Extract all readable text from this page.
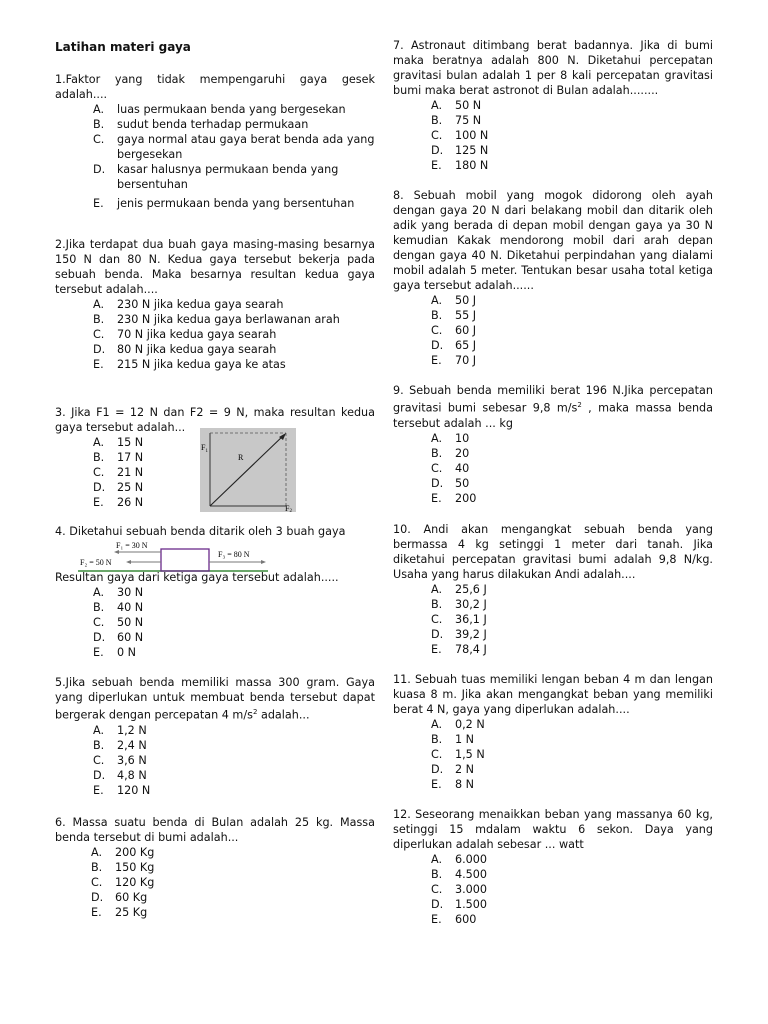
Latihan materi gaya
1.Faktor yang tidak mempengaruhi gaya gesek adalah....
A.	luas permukaan benda yang bergesekan
B.	sudut benda terhadap permukaan
C.	gaya normal atau gaya berat benda ada yang bergesekan
D.	kasar halusnya permukaan benda yang bersentuhan
E.	jenis permukaan benda yang bersentuhan
2.Jika terdapat dua buah gaya masing-masing besarnya 150 N dan 80 N. Kedua gaya tersebut bekerja pada sebuah benda. Maka besarnya resultan kedua gaya tersebut adalah....
A.	230 N jika kedua gaya searah
B.	230 N jika kedua gaya berlawanan arah
C.	70 N jika kedua gaya searah
D.	80 N jika kedua gaya searah
E.	215 N jika kedua gaya ke atas
3. Jika F1 = 12 N dan F2 = 9 N, maka resultan kedua gaya tersebut adalah...
A.	15 N
B.	17 N
C.	21 N
D.	25 N
E.	26 N
4. Diketahui sebuah benda ditarik oleh 3 buah gaya
Resultan gaya dari ketiga gaya tersebut adalah.....
A.	30 N
B.	40 N
C.	50 N
D.	60 N
E.	0 N
5.Jika sebuah benda memiliki massa 300 gram. Gaya yang diperlukan untuk membuat benda tersebut dapat bergerak dengan percepatan 4 $m/s^2$ adalah...
A.	1,2 N
B.	2,4 N
C.	3,6 N
D.	4,8 N
E.	120 N
6. Massa suatu benda di Bulan adalah 25 kg. Massa benda tersebut di bumi adalah...
A.	200 Kg
B.	150 Kg
C.	120 Kg
D.	60 Kg
E.	25 Kg
$F_1$
R
F2
F₁ = 30 N
F₂ = 50 N
F₃ = 80 N
7. Astronaut ditimbang berat badannya. Jika di bumi maka beratnya adalah 800 N. Diketahui percepatan gravitasi bulan adalah 1 per 8 kali percepatan gravitasi bumi maka berat astronot di Bulan adalah........
A.	50 N
B.	75 N
C.	100 N
D.	125 N
E.	180 N
8. Sebuah mobil yang mogok didorong oleh ayah dengan gaya 20 N dari belakang mobil dan ditarik oleh adik yang berada di depan mobil dengan gaya ya 30 N kemudian Kakak mendorong mobil dari arah depan dengan gaya 40 N. Diketahui perpindahan yang dialami mobil adalah 5 meter. Tentukan besar usaha total ketiga gaya tersebut adalah......
A.	50 J
B.	55 J
C.	60 J
D.	65 J
E.	70 J
9. Sebuah benda memiliki berat 196 N.Jika percepatan gravitasi bumi sebesar 9,8 $m/s^2$ , maka massa benda tersebut adalah ... kg
A.	10
B.	20
C.	40
D.	50
E.	200
10. Andi akan mengangkat sebuah benda yang bermassa 4 kg setinggi 1 meter dari tanah. Jika diketahui percepatan gravitasi bumi adalah 9,8 N/kg. Usaha yang harus dilakukan Andi adalah....
A.	25,6 J
B.	30,2 J
C.	36,1 J
D.	39,2 J
E.	78,4 J
11. Sebuah tuas memiliki lengan beban 4 m dan lengan kuasa 8 m. Jika akan mengangkat beban yang memiliki berat 4 N, gaya yang diperlukan adalah....
A.	0,2 N
B.	1 N
C.	1,5 N
D.	2 N
E.	8 N
12. Seseorang menaikkan beban yang massanya 60 kg, setinggi 15 mdalam waktu 6 sekon. Daya yang diperlukan adalah sebesar ... watt
A.	6.000
B.	4.500
C.	3.000
D.	1.500
E.	600
